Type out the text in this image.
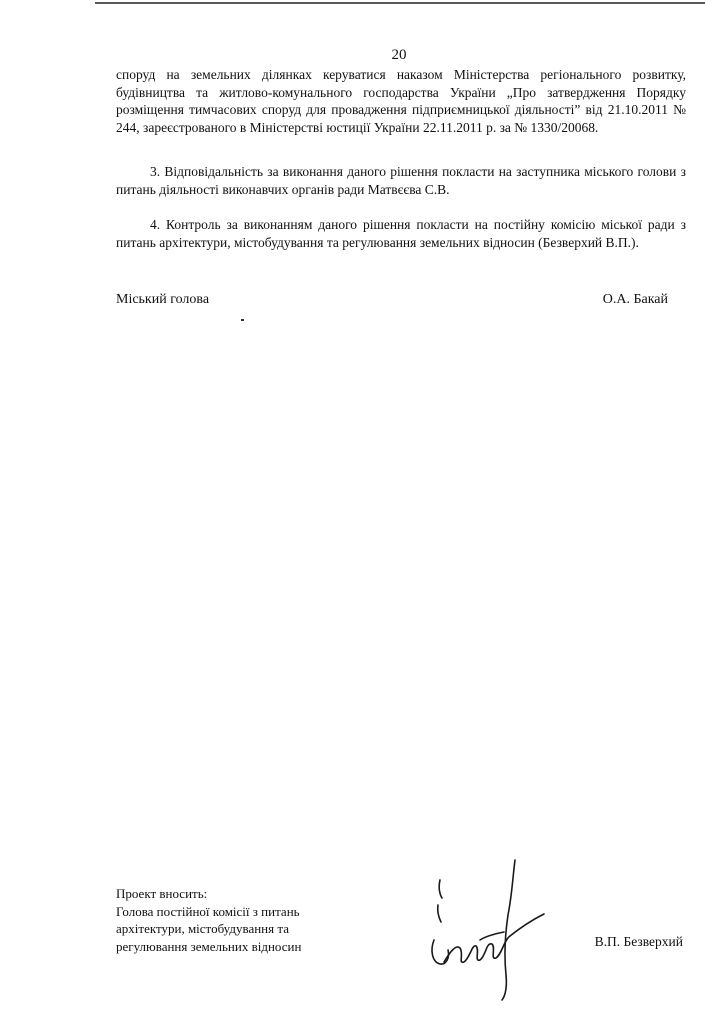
20

споруд на земельних ділянках керуватися наказом Міністерства регіонального розвитку, будівництва та житлово-комунального господарства України „Про затвердження Порядку розміщення тимчасових споруд для провадження підприємницької діяльності” від 21.10.2011 № 244, зареєстрованого в Міністерстві юстиції України 22.11.2011 р. за № 1330/20068.

3. Відповідальність за виконання даного рішення покласти на заступника міського голови з питань діяльності виконавчих органів ради Матвєєва С.В.

4. Контроль за виконанням даного рішення покласти на постійну комісію міської ради з питань архітектури, містобудування та регулювання земельних відносин (Безверхий В.П.).

Міський голова	О.А. Бакай
Проект вносить:
Голова постійної комісії з питань
архітектури, містобудування та
регулювання земельних відносин	В.П. Безверхий
